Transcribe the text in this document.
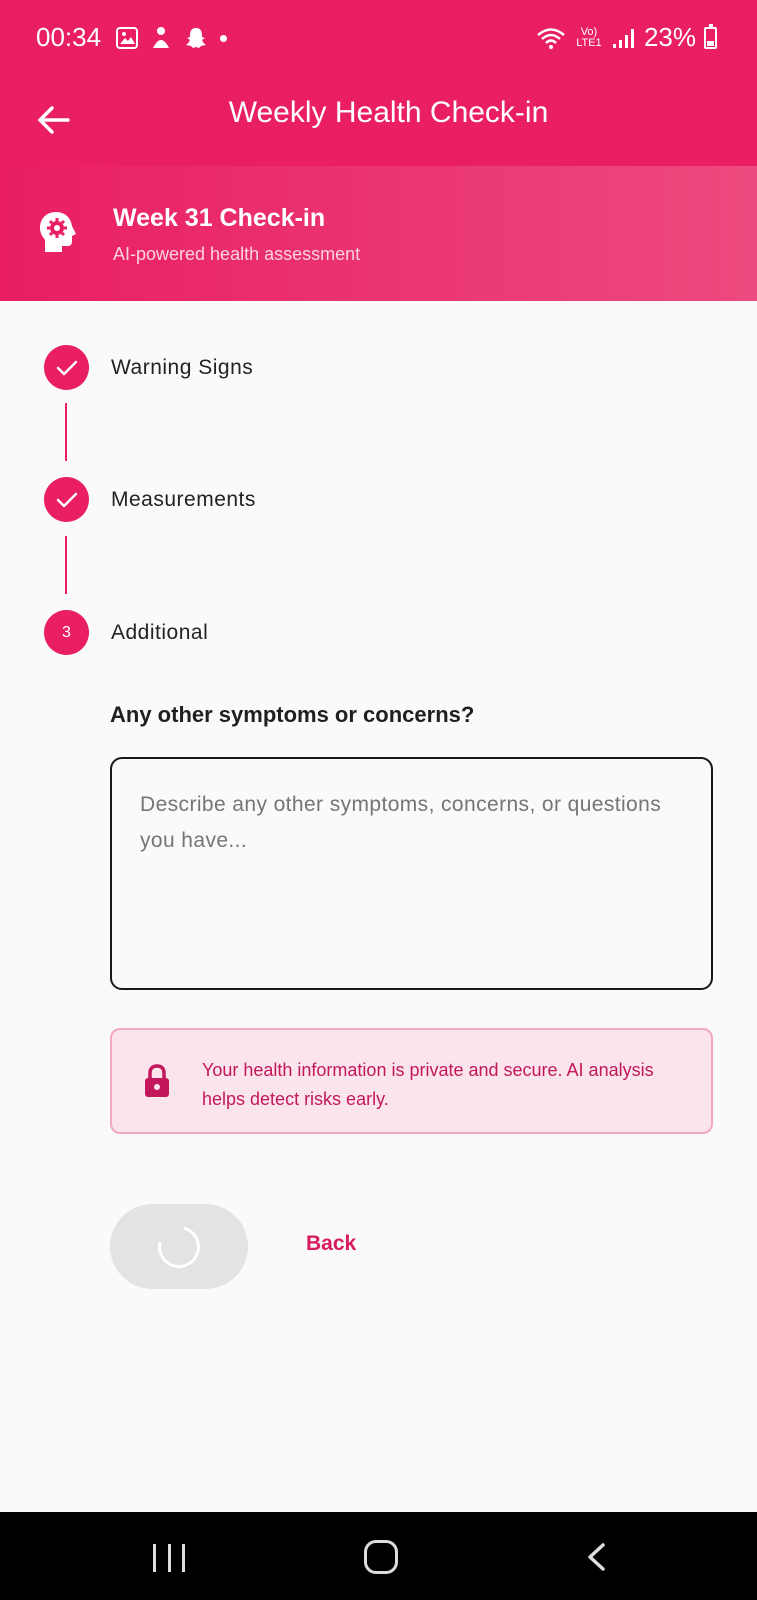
00:34	Vo) LTE1 23%
Weekly Health Check-in
Week 31 Check-in
AI-powered health assessment
Warning Signs
Measurements
3	Additional
Any other symptoms or concerns?
Describe any other symptoms, concerns, or questions you have...
Your health information is private and secure. AI analysis helps detect risks early.
Back
